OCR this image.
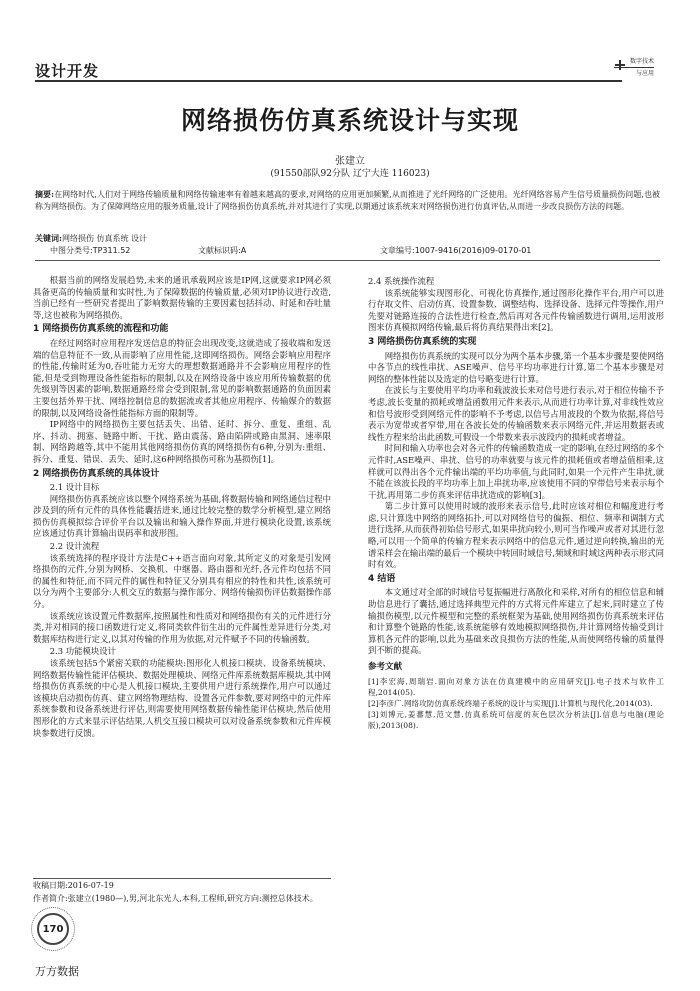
设计开发
数字技术
与应用
网络损伤仿真系统设计与实现
张建立
(91550部队92分队 辽宁大连 116023)
摘要:在网络时代,人们对于网络传输质量和网络传输速率有着越来越高的要求,对网络的应用更加频繁,从而推进了光纤网络的广泛使用。光纤网络容易产生信号质量损伤问题,也被称为网络损伤。为了保障网络应用的服务质量,设计了网络损伤仿真系统,并对其进行了实现,以期通过该系统来对网络损伤进行仿真评估,从而进一步改良损伤方法的问题。
关键词:网络损伤 仿真系统 设计
中图分类号:TP311.52	文献标识码:A	文章编号:1007-9416(2016)09-0170-01

根据当前的网络发展趋势,未来的通讯承载网应该是IP网,这就要求IP网必须具备更高的传输质量和实时性,为了保障数据的传输质量,必须对IP协议进行改造,当前已经有一些研究者提出了影响数据传输的主要因素包括抖动、时延和吞吐量等,这也被称为网络损伤。

1 网络损伤仿真系统的流程和功能

在经过网络时应用程序发送信息的特征会出现改变,这就造成了接收端和发送端的信息特征不一致,从而影响了应用性能,这即网络损伤。网络会影响应用程序的性能,传输时延为0,吞吐能力无穷大的理想数据通路并不会影响应用程序的性能,但是受到物理设备性能指标的限制,以及在网络设备中该应用所传输数据的优先级别等因素的影响,数据通路经常会受到限制,常见的影响数据通路的负面因素主要包括外界干扰、网络控制信息的数据流或者其他应用程序、传输媒介的数据的限制,以及网络设备性能指标方面的限制等。

IP网络中的网络损伤主要包括丢失、出错、延时、拆分、重复、重组、乱序、抖动、拥塞、链路中断、干扰、路由震荡、路由陷阱或路由黑洞、速率限制、网络跨越等,其中不能用其他网络损伤仿真的网络损伤有6种,分别为:重组、拆分、重复、错误、丢失、延时,这6种网络损伤可称为基损伤[1]。

2 网络损伤仿真系统的具体设计
2.1 设计目标

网络损伤仿真系统应该以整个网络系统为基础,将数据传输和网络通信过程中涉及到的所有元件的具体性能囊括进来,通过比较完整的数学分析模型,建立网络损伤仿真模拟综合评价平台以及输出和输入操作界面,并进行模块化设置,该系统应该通过仿真计算输出误码率和波形图。

2.2 设计流程

该系统选择的程序设计方法是C++语言面向对象,其所定义的对象是引发网络损伤的元件,分别为网桥、交换机、中继器、路由器和光纤,各元件均包括不同的属性和特征,而不同元件的属性和特征又分别具有相应的特性和共性,该系统可以分为两个主要部分:人机交互的数据与操作部分、网络传输损伤评估数据操作部分。

该系统应该设置元件数据库,按照属性和性质对和网络损伤有关的元件进行分类,并对相同的接口函数进行定义,将同类软件衍生出的元件属性差异进行分类,对数据库结构进行定义,以其对传输的作用为依据,对元件赋予不同的传输函数。

2.3 功能模块设计

该系统包括5个紧密关联的功能模块:图形化人机接口模块、设备系统模块、网络数据传输性能评估模块、数据处理模块、网络元件库系统数据库模块,其中网络损伤仿真系统的中心是人机接口模块,主要供用户进行系统操作,用户可以通过该模块启动损伤仿真、建立网络物理结构、设置各元件参数,要对网络中的元件库系统参数和设备系统进行评估,则需要使用网络数据传输性能评估模块,然后使用图形化的方式来显示评估结果,人机交互接口模块可以对设备系统参数和元件库模块参数进行反馈。

2.4 系统操作流程

该系统能够实现图形化、可视化仿真操作,通过图形化操作平台,用户可以进行存取文件、启动仿真、设置参数、调整结构、选择设备、选择元件等操作,用户先要对链路连接的合法性进行检查,然后再对各元件传输函数进行调用,运用波形图来仿真模拟网络传输,最后将仿真结果得出来[2]。

3 网络损伤仿真系统的实现

网络损伤仿真系统的实现可以分为两个基本步骤,第一个基本步骤是要使网络中各节点的线性串扰、ASE噪声、信号平均功率进行计算,第二个基本步骤是对网络的整体性能以及选定的信号略变进行计算。

在波长与主要使用平均功率和载波波长来对信号进行表示,对于相位传输不予考虑,波长变量的损耗或增益函数用元件来表示,从而进行功率计算,对非线性效应和信号波形受到网络元件的影响不予考虑,以信号占用波段的个数为依据,将信号表示为宽带或者窄带,用在各波长处的传输函数来表示网络元件,并运用数据表或线性方程来给出此函数,可假设一个带数来表示波段内的损耗或者增益。

时间和输入功率也会对各元件的传输函数造成一定的影响,在经过网络的多个元件时,ASE噪声、串扰、信号的功率就要与该元件的损耗值或者增益值相乘,这样就可以得出各个元件输出端的平均功率值,与此同时,如果一个元件产生串扰,就不能在该波长段的平均功率上加上串扰功率,应该使用不同的窄带信号来表示每个干扰,再用第二步仿真来评估串扰造成的影响[3]。

第二步计算可以使用时域的波形来表示信号,此时应该对相位和幅度进行考虑,只计算选中网络的网络拓扑,可以对网络信号的偏振、相位、频率和调制方式进行选择,从而获得初始信号形式,如果串扰向较小,则可当作噪声或者对其进行忽略,可以用一个简单的传输方程来表示网络中的信息元件,通过逆向转换,输出的光谱采样会在输出端的最后一个模块中转回时域信号,频域和时域这两种表示形式同时有效。

4 结语

本文通过对全部的时域信号复振幅进行离散化和采样,对所有的相位信息和辅助信息进行了囊括,通过选择典型元件的方式将元件库建立了起来,同时建立了传输损伤模型,以元件模型和完整的系统框架为基础,使用网络损伤仿真系统来评估和计算整个链路的性能,该系统能够有效地模拟网络损伤,并计算网络传输受到计算机各元件的影响,以此为基础来改良损伤方法的性能,从而使网络传输的质量得到不断的提高。

参考文献
[1]李宏海,周瑞岩.面向对象方法在仿真建模中的应用研究[J].电子技术与软件工程,2014(05).
[2]李彦广.网络攻防仿真系统终端子系统的设计与实现[J].计算机与现代化,2014(03).
[3]刘博元,姜蕃慧,范文慧.仿真系统可信度的灰色层次分析法[J].信息与电脑(理论版),2013(08).
收稿日期:2016-07-19
作者简介:张建立(1980—),男,河北东光人,本科,工程师,研究方向:测控总体技术。
170
万方数据
